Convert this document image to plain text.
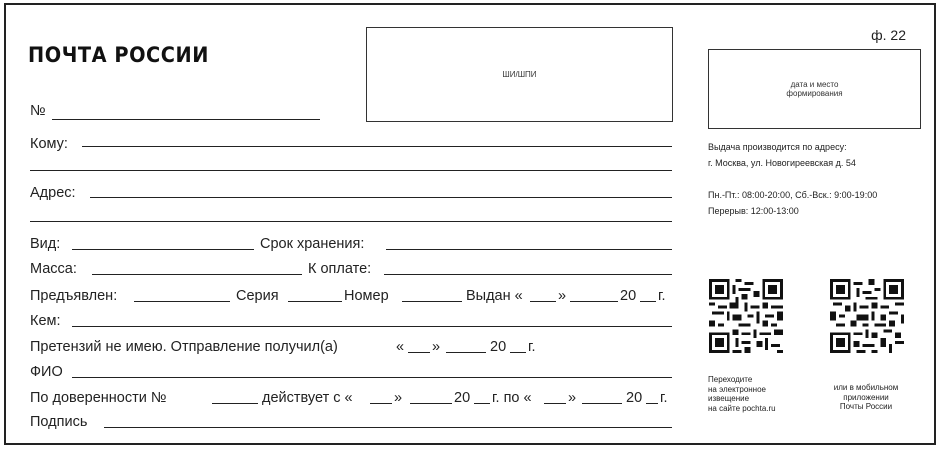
ПОЧТА РОССИИ
ШИ/ШПИ
ф. 22
дата и место
формирования
№
Кому:
Адрес:
Вид:	Срок хранения:
Масса:	К оплате:
Предъявлен:	Серия	Номер	Выдан « »	20 г.
Кем:
Претензий не имею. Отправление получил(а)	« »	20 г.
ФИО
По доверенности №	действует с «	»	20 г. по «	»	20 г.
Подпись
Выдача производится по адресу:
г. Москва, ул. Новогиреевская д. 54
Пн.-Пт.: 08:00-20:00, Сб.-Вск.: 9:00-19:00
Перерыв: 12:00-13:00
Переходите
на электронное
извещение
на сайте pochta.ru
или в мобильном
приложении
Почты России
